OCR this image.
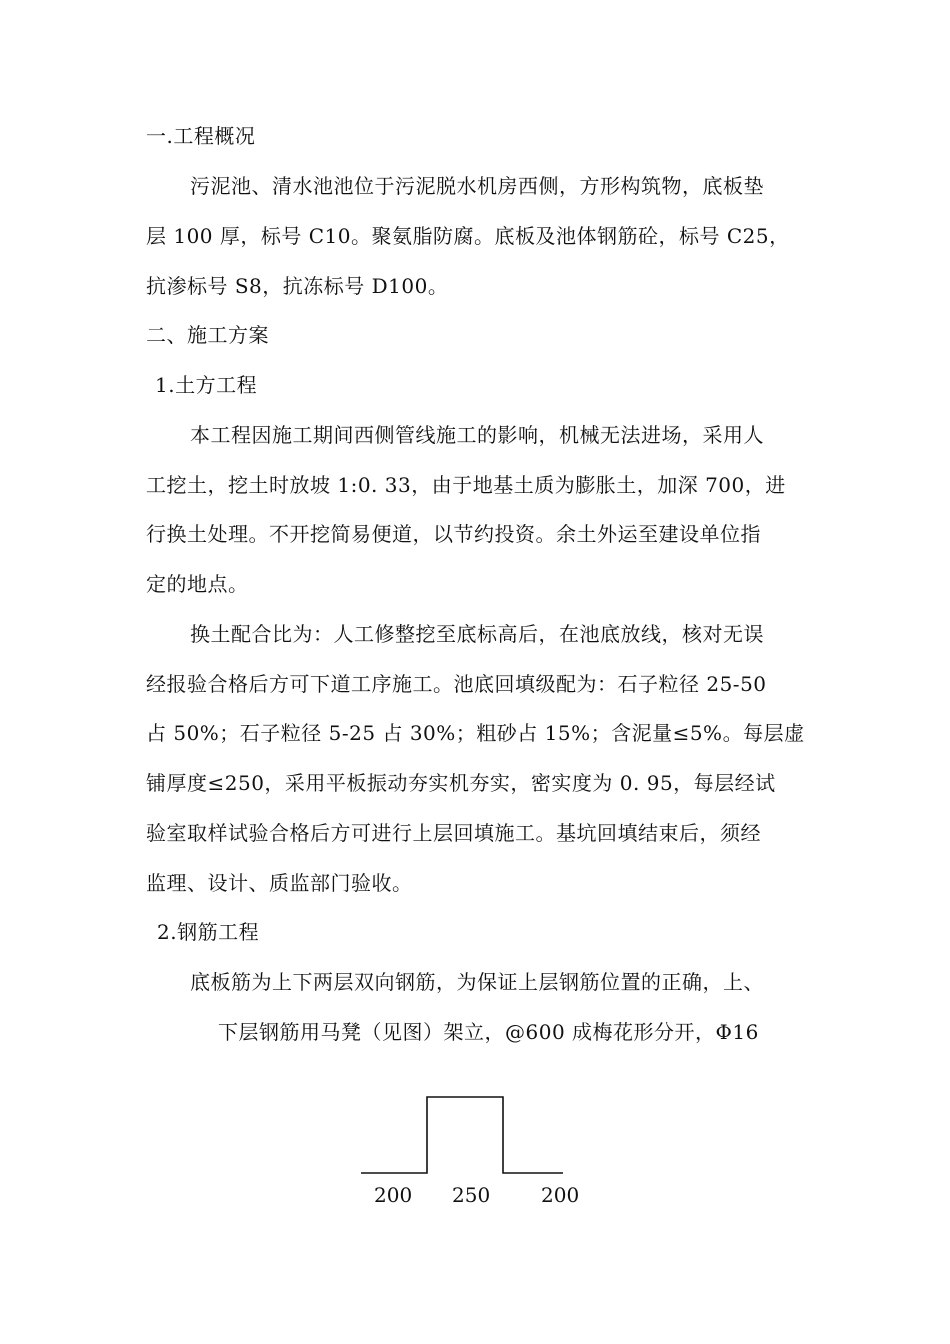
一.工程概况
污泥池、清水池池位于污泥脱水机房西侧，方形构筑物，底板垫
层 100 厚，标号 C10。聚氨脂防腐。底板及池体钢筋砼，标号 C25，
抗渗标号 S8，抗冻标号 D100。
二、施工方案
1.土方工程
本工程因施工期间西侧管线施工的影响，机械无法进场，采用人
工挖土，挖土时放坡 1:0. 33，由于地基土质为膨胀土，加深 700，进
行换土处理。不开挖简易便道，以节约投资。余土外运至建设单位指
定的地点。
换土配合比为：人工修整挖至底标高后，在池底放线，核对无误
经报验合格后方可下道工序施工。池底回填级配为：石子粒径 25-50
占 50%；石子粒径 5-25 占 30%；粗砂占 15%；含泥量≤5%。每层虚
铺厚度≤250，采用平板振动夯实机夯实，密实度为 0. 95，每层经试
验室取样试验合格后方可进行上层回填施工。基坑回填结束后，须经
监理、设计、质监部门验收。
2.钢筋工程
底板筋为上下两层双向钢筋，为保证上层钢筋位置的正确，上、
下层钢筋用马凳（见图）架立，@600 成梅花形分开，Φ16
200 250	200
